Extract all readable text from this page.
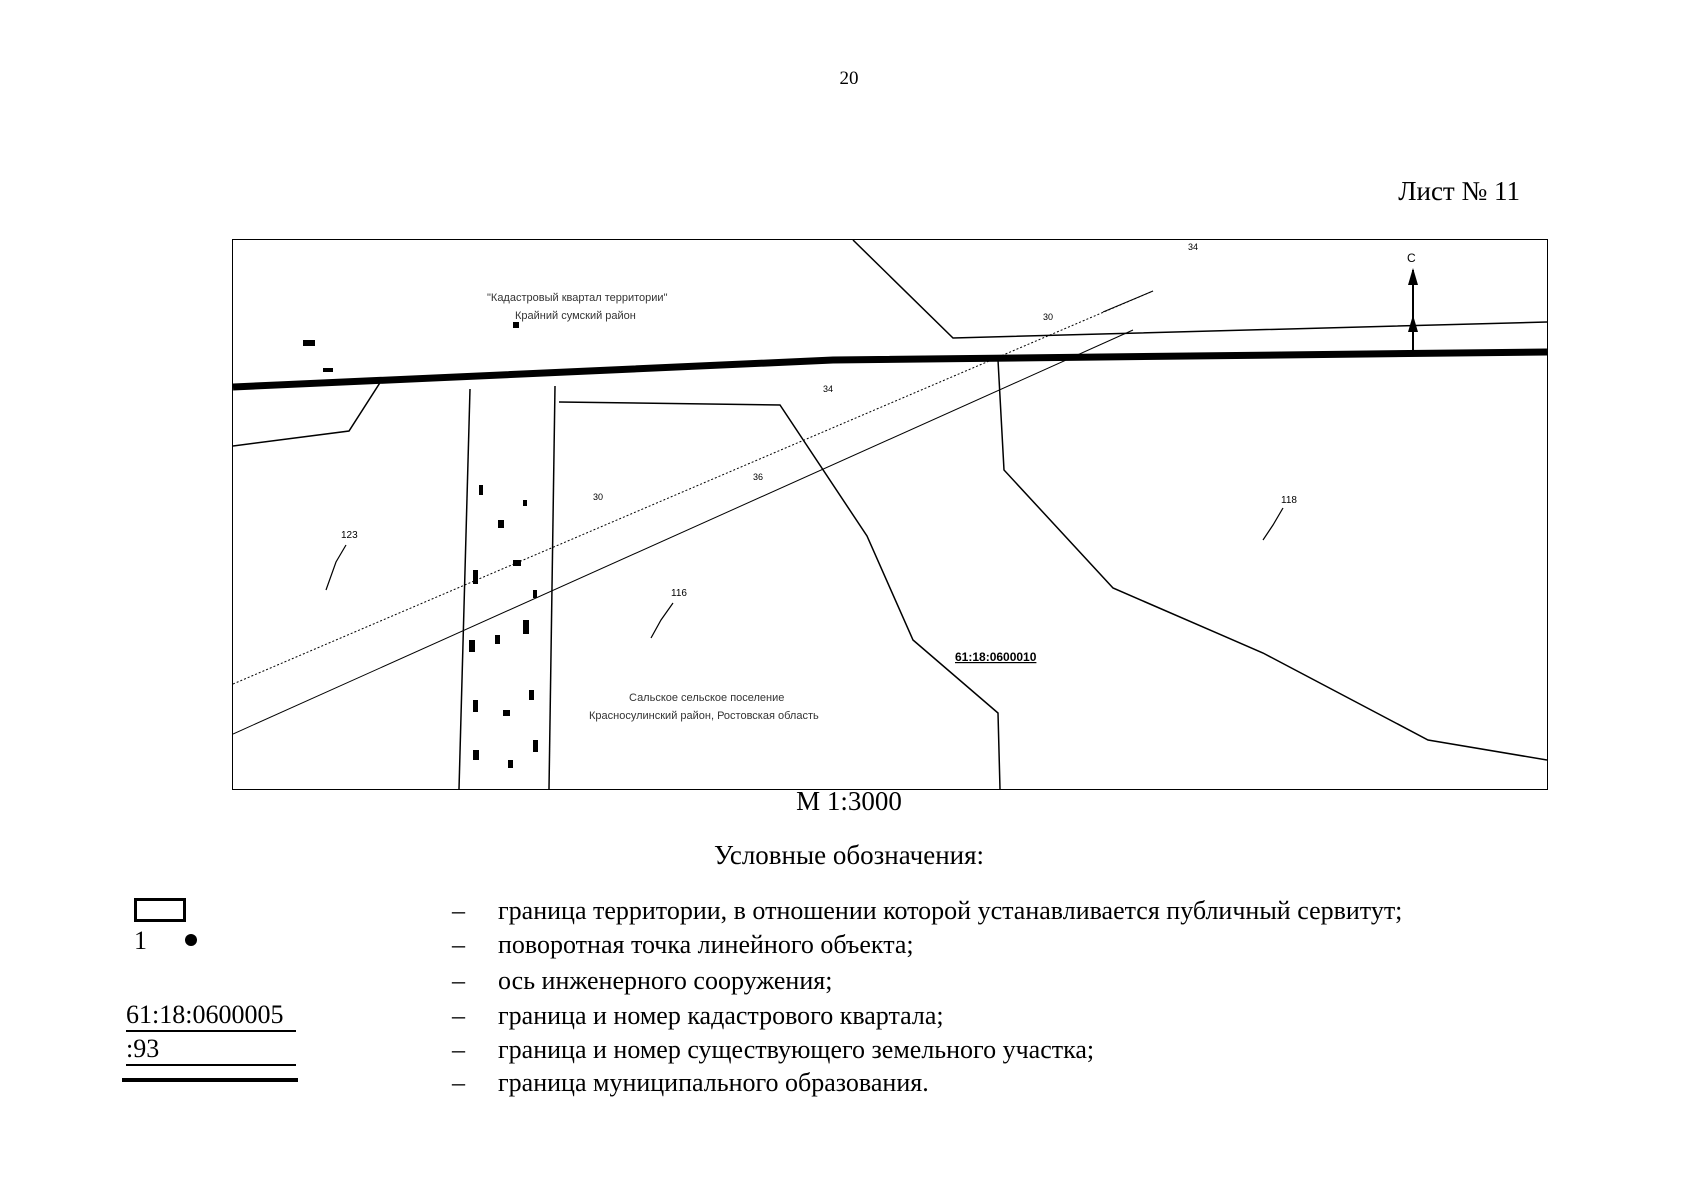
20
Лист № 11
С
123
116
118
61:18:0600010
34
30
36
34
30
"Кадастровый квартал территории"
Крайний сумский район
Сальское сельское поселение
Красносулинский район, Ростовская область
М 1:3000
Условные обозначения:
1
61:18:0600005
:93
– граница территории, в отношении которой устанавливается публичный сервитут;
– поворотная точка линейного объекта;
– ось инженерного сооружения;
– граница и номер кадастрового квартала;
– граница и номер существующего земельного участка;
– граница муниципального образования.
